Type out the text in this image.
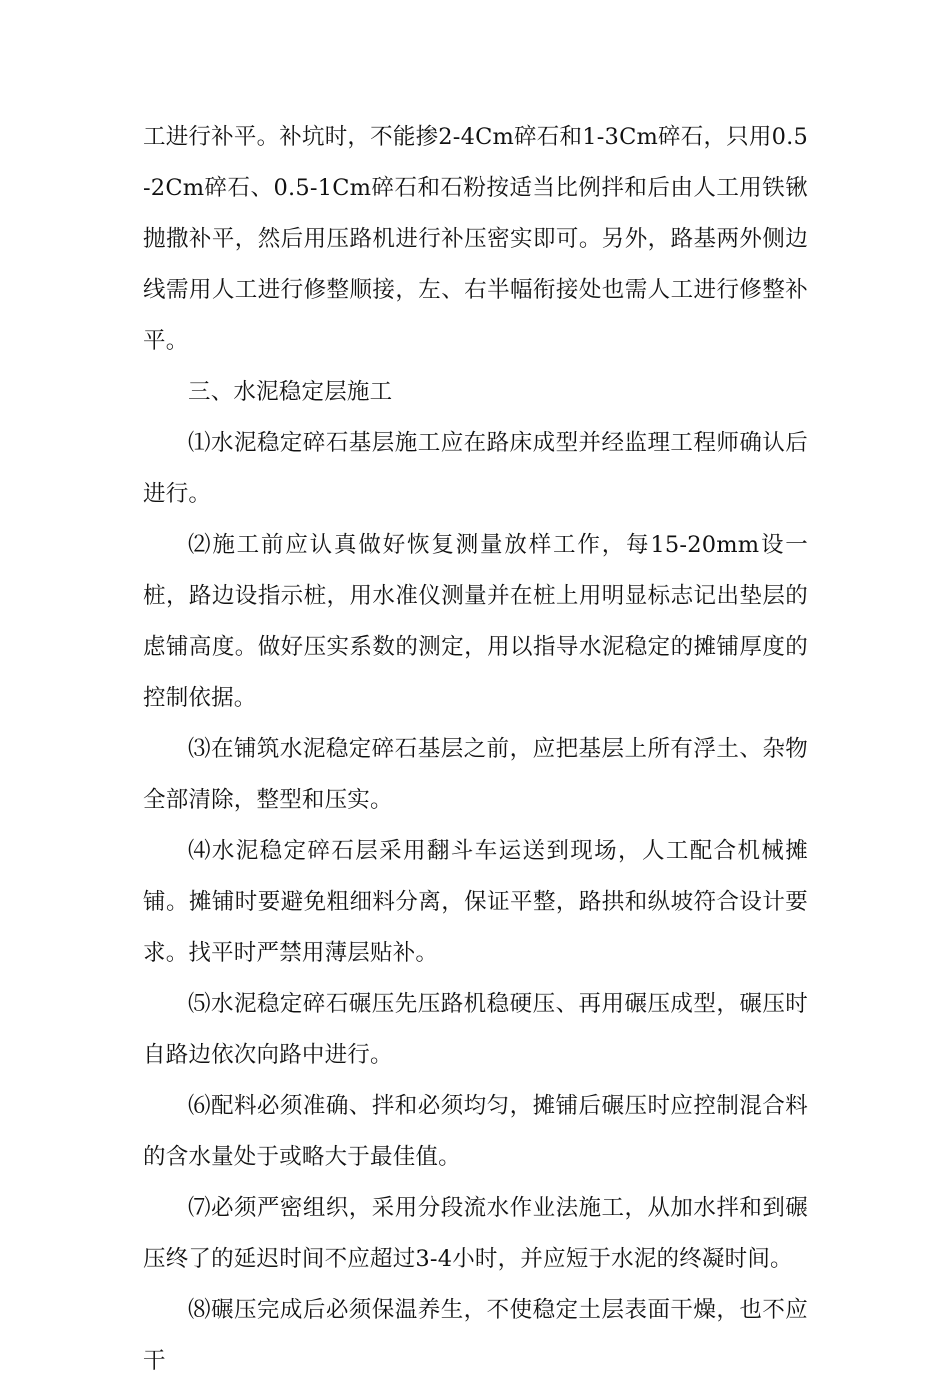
工进行补平。补坑时，不能掺2-4Cm碎石和1-3Cm碎石，只用0.5-2Cm碎石、0.5-1Cm碎石和石粉按适当比例拌和后由人工用铁锹抛撒补平，然后用压路机进行补压密实即可。另外，路基两外侧边线需用人工进行修整顺接，左、右半幅衔接处也需人工进行修整补平。

三、水泥稳定层施工

⑴水泥稳定碎石基层施工应在路床成型并经监理工程师确认后进行。

⑵施工前应认真做好恢复测量放样工作，每15-20mm设一桩，路边设指示桩，用水准仪测量并在桩上用明显标志记出垫层的虑铺高度。做好压实系数的测定，用以指导水泥稳定的摊铺厚度的控制依据。

⑶在铺筑水泥稳定碎石基层之前，应把基层上所有浮土、杂物全部清除，整型和压实。

⑷水泥稳定碎石层采用翻斗车运送到现场，人工配合机械摊铺。摊铺时要避免粗细料分离，保证平整，路拱和纵坡符合设计要求。找平时严禁用薄层贴补。

⑸水泥稳定碎石碾压先压路机稳硬压、再用碾压成型，碾压时自路边依次向路中进行。

⑹配料必须准确、拌和必须均匀，摊铺后碾压时应控制混合料的含水量处于或略大于最佳值。

⑺必须严密组织，采用分段流水作业法施工，从加水拌和到碾压终了的延迟时间不应超过3-4小时，并应短于水泥的终凝时间。

⑻碾压完成后必须保温养生，不使稳定土层表面干燥，也不应干
